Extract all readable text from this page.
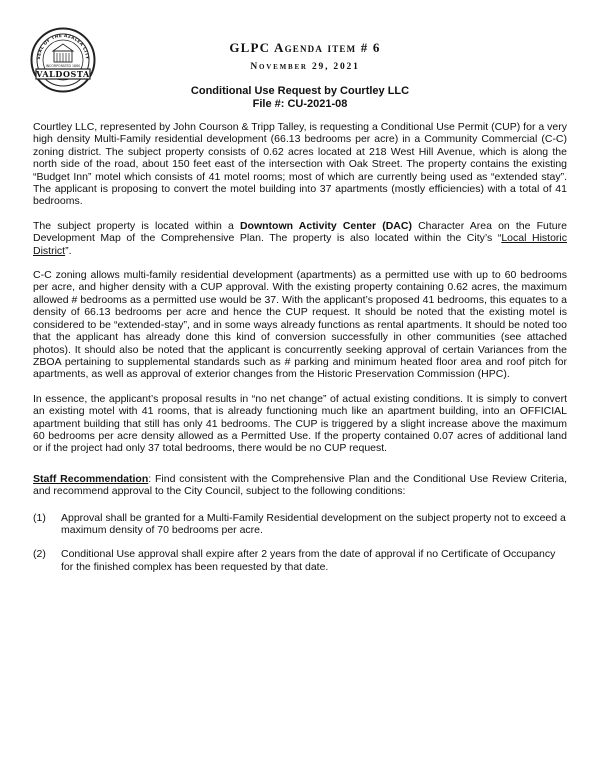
SEAL OF THE AZALEA CITY
INCORPORATED 1860
VALDOSTA
GLPC Agenda item # 6
November 29, 2021
Conditional Use Request by Courtley LLC
File #: CU-2021-08

Courtley LLC, represented by John Courson & Tripp Talley, is requesting a Conditional Use Permit (CUP) for a very high density Multi-Family residential development (66.13 bedrooms per acre) in a Community Commercial (C-C) zoning district. The subject property consists of 0.62 acres located at 218 West Hill Avenue, which is along the north side of the road, about 150 feet east of the intersection with Oak Street. The property contains the existing “Budget Inn” motel which consists of 41 motel rooms; most of which are currently being used as “extended stay”. The applicant is proposing to convert the motel building into 37 apartments (mostly efficiencies) with a total of 41 bedrooms.

The subject property is located within a Downtown Activity Center (DAC) Character Area on the Future Development Map of the Comprehensive Plan. The property is also located within the City’s “Local Historic District”.

C-C zoning allows multi-family residential development (apartments) as a permitted use with up to 60 bedrooms per acre, and higher density with a CUP approval. With the existing property containing 0.62 acres, the maximum allowed # bedrooms as a permitted use would be 37. With the applicant’s proposed 41 bedrooms, this equates to a density of 66.13 bedrooms per acre and hence the CUP request. It should be noted that the existing motel is considered to be “extended-stay”, and in some ways already functions as rental apartments. It should be noted too that the applicant has already done this kind of conversion successfully in other communities (see attached photos). It should also be noted that the applicant is concurrently seeking approval of certain Variances from the ZBOA pertaining to supplemental standards such as # parking and minimum heated floor area and roof pitch for apartments, as well as approval of exterior changes from the Historic Preservation Commission (HPC).

In essence, the applicant’s proposal results in “no net change” of actual existing conditions. It is simply to convert an existing motel with 41 rooms, that is already functioning much like an apartment building, into an OFFICIAL apartment building that still has only 41 bedrooms. The CUP is triggered by a slight increase above the maximum 60 bedrooms per acre density allowed as a Permitted Use. If the property contained 0.07 acres of additional land or if the project had only 37 total bedrooms, there would be no CUP request.

Staff Recommendation: Find consistent with the Comprehensive Plan and the Conditional Use Review Criteria, and recommend approval to the City Council, subject to the following conditions:

(1)	Approval shall be granted for a Multi-Family Residential development on the subject property not to exceed a maximum density of 70 bedrooms per acre.
(2)	Conditional Use approval shall expire after 2 years from the date of approval if no Certificate of Occupancy for the finished complex has been requested by that date.
